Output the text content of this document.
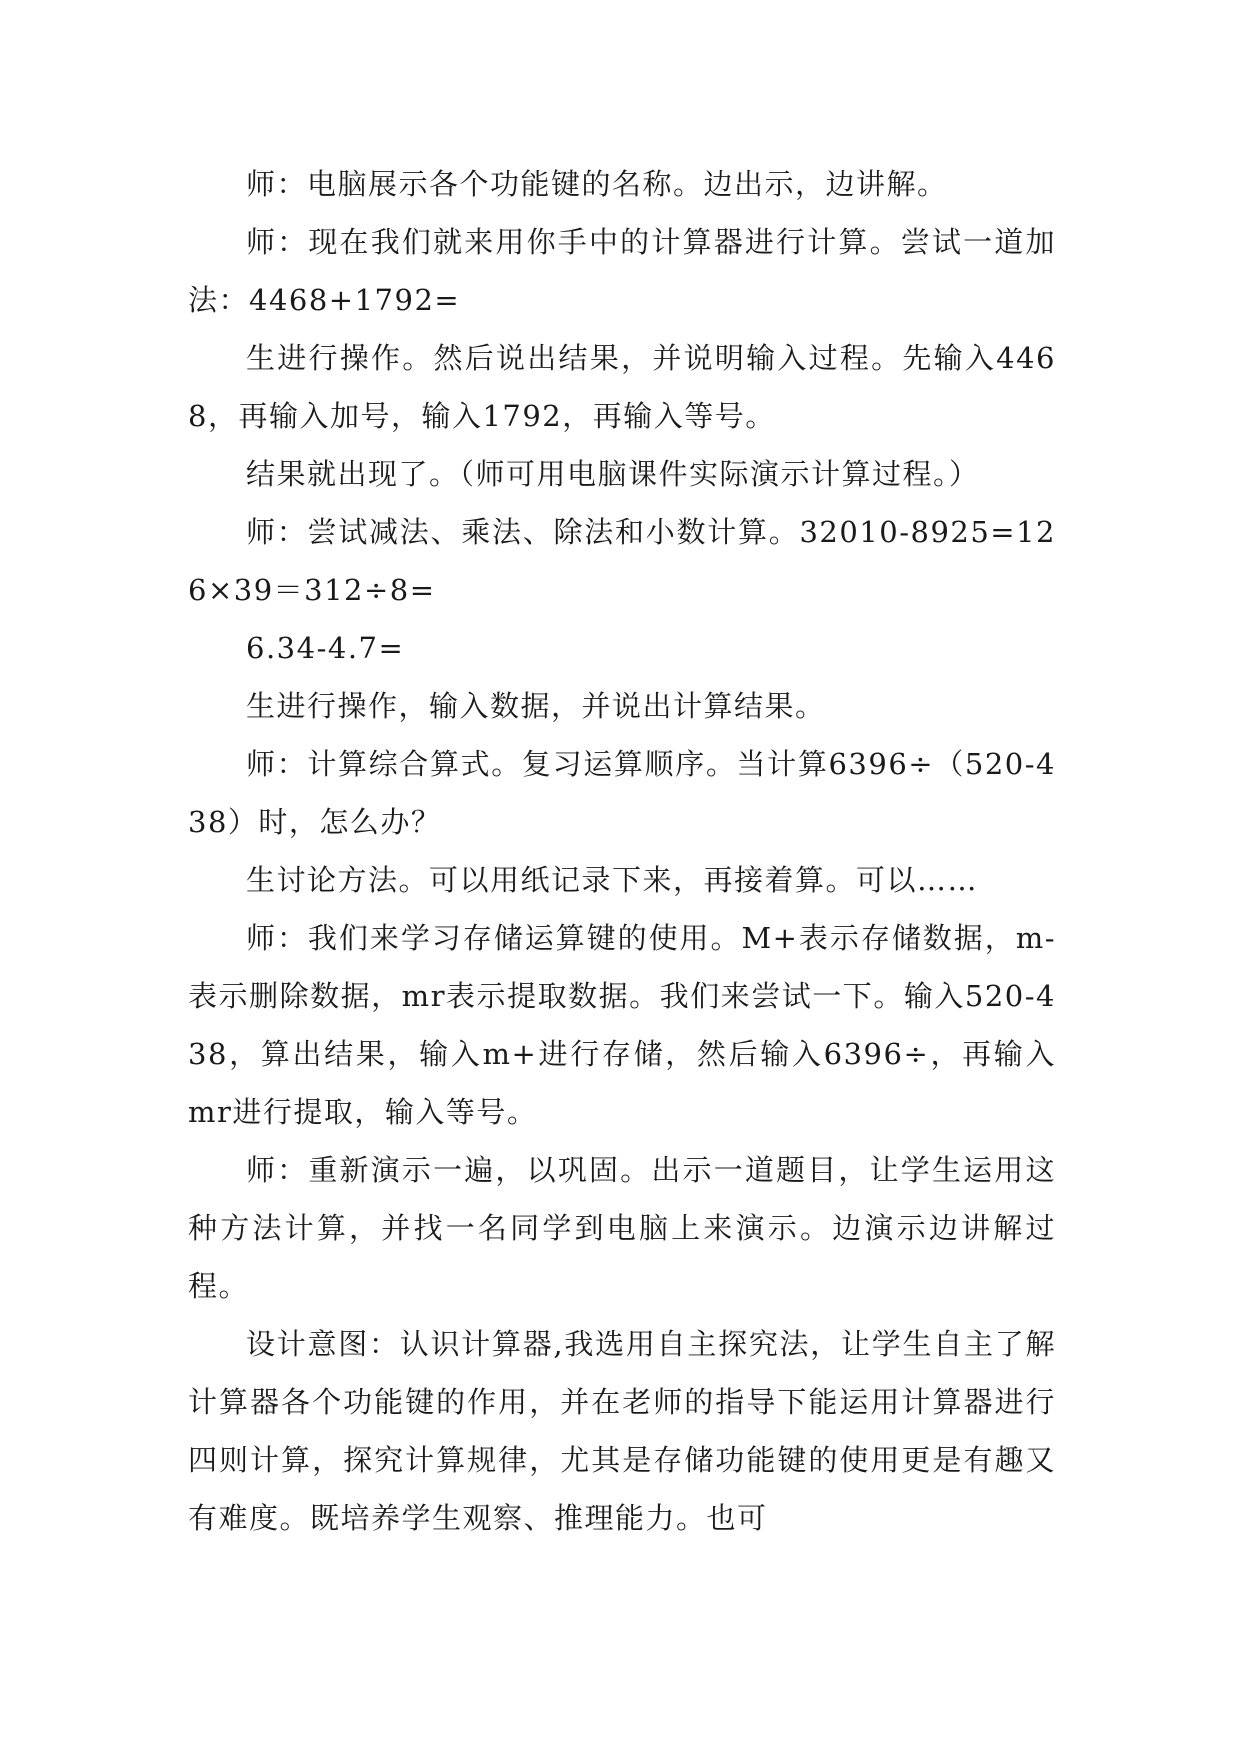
师：电脑展示各个功能键的名称。边出示，边讲解。

师：现在我们就来用你手中的计算器进行计算。尝试一道加法：4468+1792=

生进行操作。然后说出结果，并说明输入过程。先输入4468，再输入加号，输入1792，再输入等号。

结果就出现了。（师可用电脑课件实际演示计算过程。）

师：尝试减法、乘法、除法和小数计算。32010-8925=126×39＝312÷8=

6.34-4.7=

生进行操作，输入数据，并说出计算结果。

师：计算综合算式。复习运算顺序。当计算6396÷（520-438）时，怎么办？

生讨论方法。可以用纸记录下来，再接着算。可以……

师：我们来学习存储运算键的使用。M+表示存储数据，m-表示删除数据，mr表示提取数据。我们来尝试一下。输入520-438，算出结果，输入m+进行存储，然后输入6396÷，再输入mr进行提取，输入等号。

师：重新演示一遍，以巩固。出示一道题目，让学生运用这种方法计算，并找一名同学到电脑上来演示。边演示边讲解过程。

设计意图：认识计算器,我选用自主探究法，让学生自主了解计算器各个功能键的作用，并在老师的指导下能运用计算器进行四则计算，探究计算规律，尤其是存储功能键的使用更是有趣又有难度。既培养学生观察、推理能力。也可
